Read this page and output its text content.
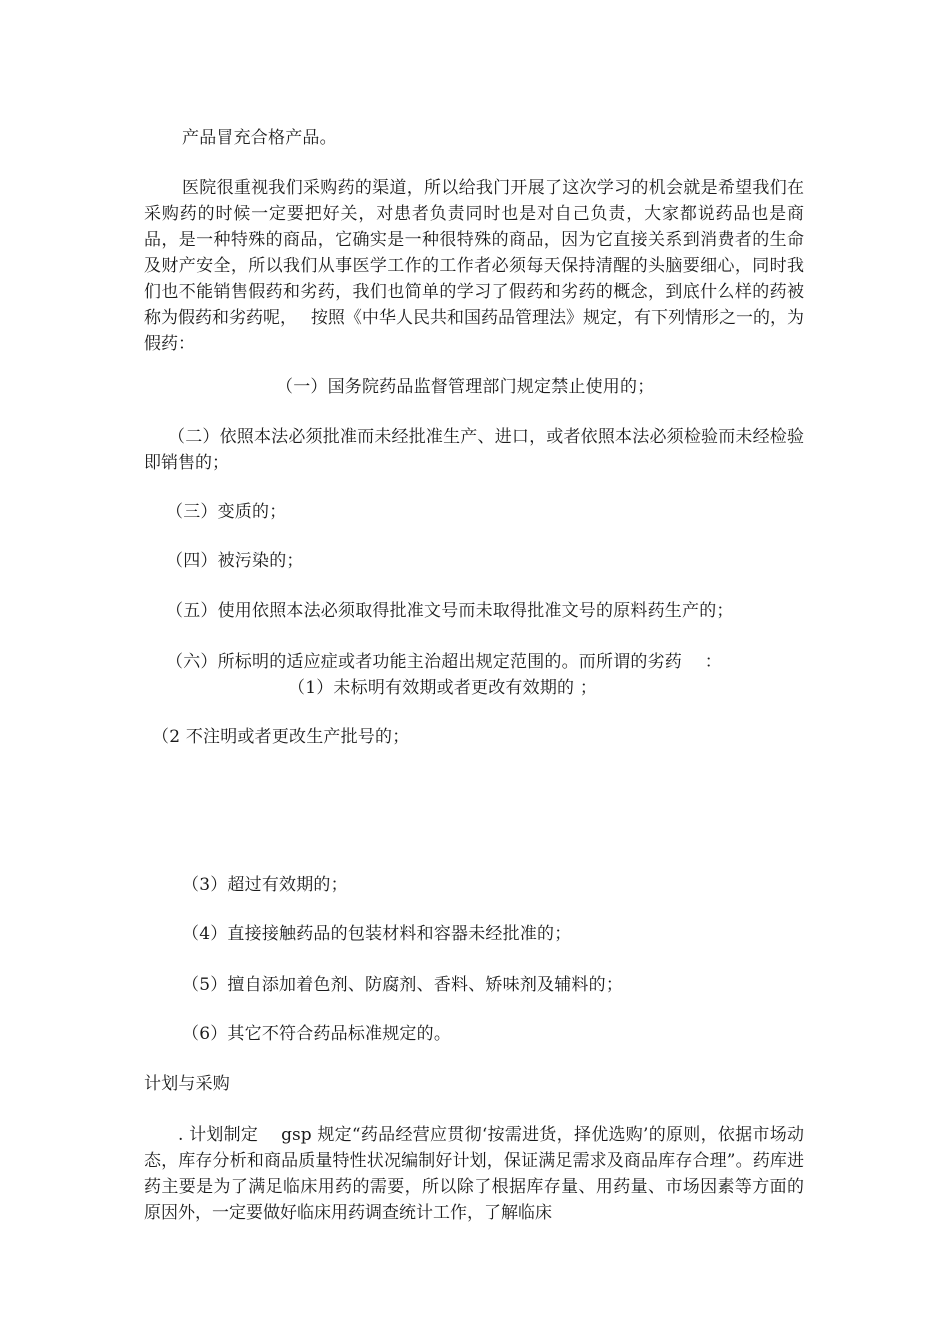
产品冒充合格产品。
医院很重视我们采购药的渠道，所以给我门开展了这次学习的机会就是希望我们在采购药的时候一定要把好关，对患者负责同时也是对自己负责，大家都说药品也是商品，是一种特殊的商品，它确实是一种很特殊的商品，因为它直接关系到消费者的生命及财产安全，所以我们从事医学工作的工作者必须每天保持清醒的头脑要细心，同时我们也不能销售假药和劣药，我们也简单的学习了假药和劣药的概念，到底什么样的药被称为假药和劣药呢，　 按照《中华人民共和国药品管理法》规定，有下列情形之一的，为假药：
（一）国务院药品监督管理部门规定禁止使用的；
（二）依照本法必须批准而未经批准生产、进口，或者依照本法必须检验而未经检验即销售的；
（三）变质的；
（四）被污染的；
（五）使用依照本法必须取得批准文号而未取得批准文号的原料药生产的；
（六）所标明的适应症或者功能主治超出规定范围的。而所谓的劣药　 ：
（1）未标明有效期或者更改有效期的 ；
（2 不注明或者更改生产批号的；
（3）超过有效期的；
（4）直接接触药品的包装材料和容器未经批准的；
（5）擅自添加着色剂、防腐剂、香料、矫味剂及辅料的；
（6）其它不符合药品标准规定的。
计划与采购
. 计划制定　 gsp 规定“药品经营应贯彻‘按需进货，择优选购’的原则，依据市场动态，库存分析和商品质量特性状况编制好计划，保证满足需求及商品库存合理”。药库进药主要是为了满足临床用药的需要，所以除了根据库存量、用药量、市场因素等方面的原因外，一定要做好临床用药调查统计工作，了解临床
